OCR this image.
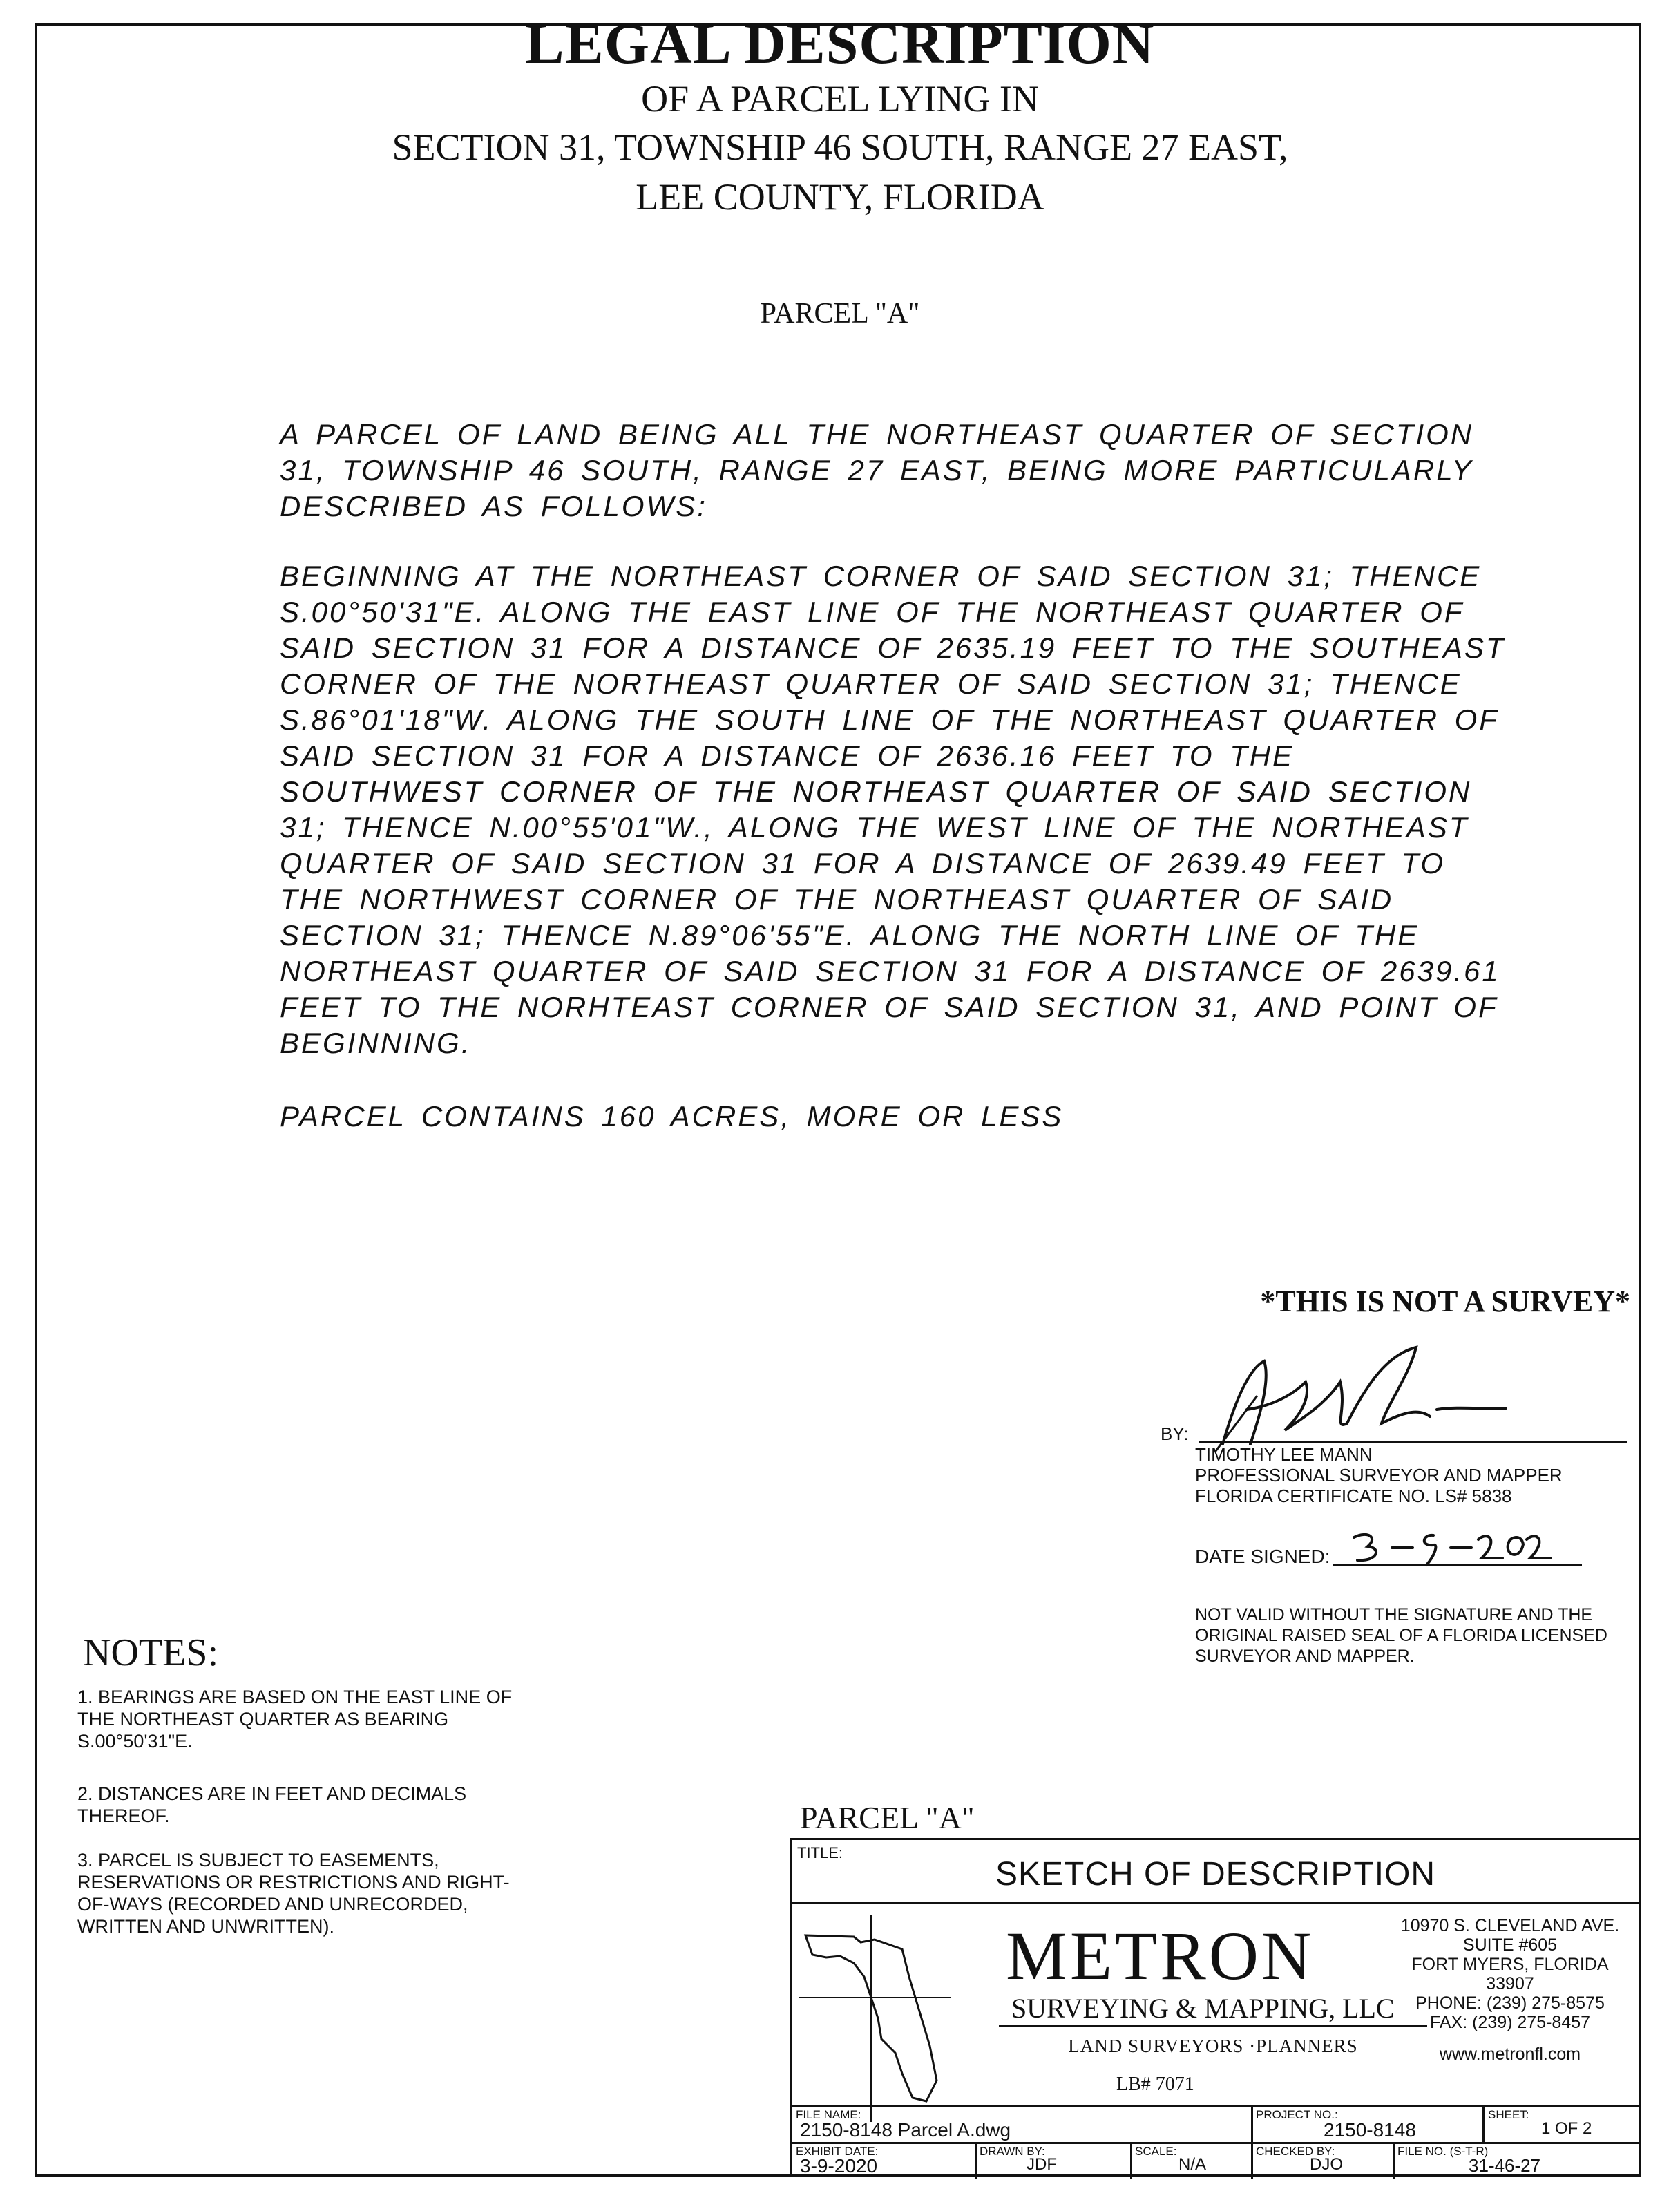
LEGAL DESCRIPTION
OF A PARCEL LYING IN
SECTION 31, TOWNSHIP 46 SOUTH, RANGE 27 EAST,
LEE COUNTY, FLORIDA
PARCEL "A"
A PARCEL OF LAND BEING ALL THE NORTHEAST QUARTER OF SECTION 31, TOWNSHIP 46 SOUTH, RANGE 27 EAST, BEING MORE PARTICULARLY DESCRIBED AS FOLLOWS:
BEGINNING AT THE NORTHEAST CORNER OF SAID SECTION 31; THENCE S.00°50'31"E. ALONG THE EAST LINE OF THE NORTHEAST QUARTER OF SAID SECTION 31 FOR A DISTANCE OF 2635.19 FEET TO THE SOUTHEAST CORNER OF THE NORTHEAST QUARTER OF SAID SECTION 31; THENCE S.86°01'18"W. ALONG THE SOUTH LINE OF THE NORTHEAST QUARTER OF SAID SECTION 31 FOR A DISTANCE OF 2636.16 FEET TO THE SOUTHWEST CORNER OF THE NORTHEAST QUARTER OF SAID SECTION 31; THENCE N.00°55'01"W., ALONG THE WEST LINE OF THE NORTHEAST QUARTER OF SAID SECTION 31 FOR A DISTANCE OF 2639.49 FEET TO THE NORTHWEST CORNER OF THE NORTHEAST QUARTER OF SAID SECTION 31; THENCE N.89°06'55"E. ALONG THE NORTH LINE OF THE NORTHEAST QUARTER OF SAID SECTION 31 FOR A DISTANCE OF 2639.61 FEET TO THE NORHTEAST CORNER OF SAID SECTION 31, AND POINT OF BEGINNING.
PARCEL CONTAINS 160 ACRES, MORE OR LESS
*THIS IS NOT A SURVEY*
BY:
TIMOTHY LEE MANN
PROFESSIONAL SURVEYOR AND MAPPER
FLORIDA CERTIFICATE NO. LS# 5838
DATE SIGNED:
NOT VALID WITHOUT THE SIGNATURE AND THE ORIGINAL RAISED SEAL OF A FLORIDA LICENSED SURVEYOR AND MAPPER.
NOTES:
1. BEARINGS ARE BASED ON THE EAST LINE OF THE NORTHEAST QUARTER AS BEARING S.00°50'31"E.
2. DISTANCES ARE IN FEET AND DECIMALS THEREOF.
3. PARCEL IS SUBJECT TO EASEMENTS, RESERVATIONS OR RESTRICTIONS AND RIGHT-OF-WAYS (RECORDED AND UNRECORDED, WRITTEN AND UNWRITTEN).
PARCEL "A"
TITLE:
SKETCH OF DESCRIPTION
METRON
SURVEYING & MAPPING, LLC
LAND SURVEYORS ·PLANNERS
LB# 7071
10970 S. CLEVELAND AVE.
SUITE #605
FORT MYERS, FLORIDA 33907
PHONE: (239) 275-8575
FAX: (239) 275-8457
www.metronfl.com
FILE NAME:
2150-8148 Parcel A.dwg
PROJECT NO.:
2150-8148
SHEET:
1 OF 2
EXHIBIT DATE:
3-9-2020
DRAWN BY:
JDF
SCALE:
N/A
CHECKED BY:
DJO
FILE NO. (S-T-R)
31-46-27
